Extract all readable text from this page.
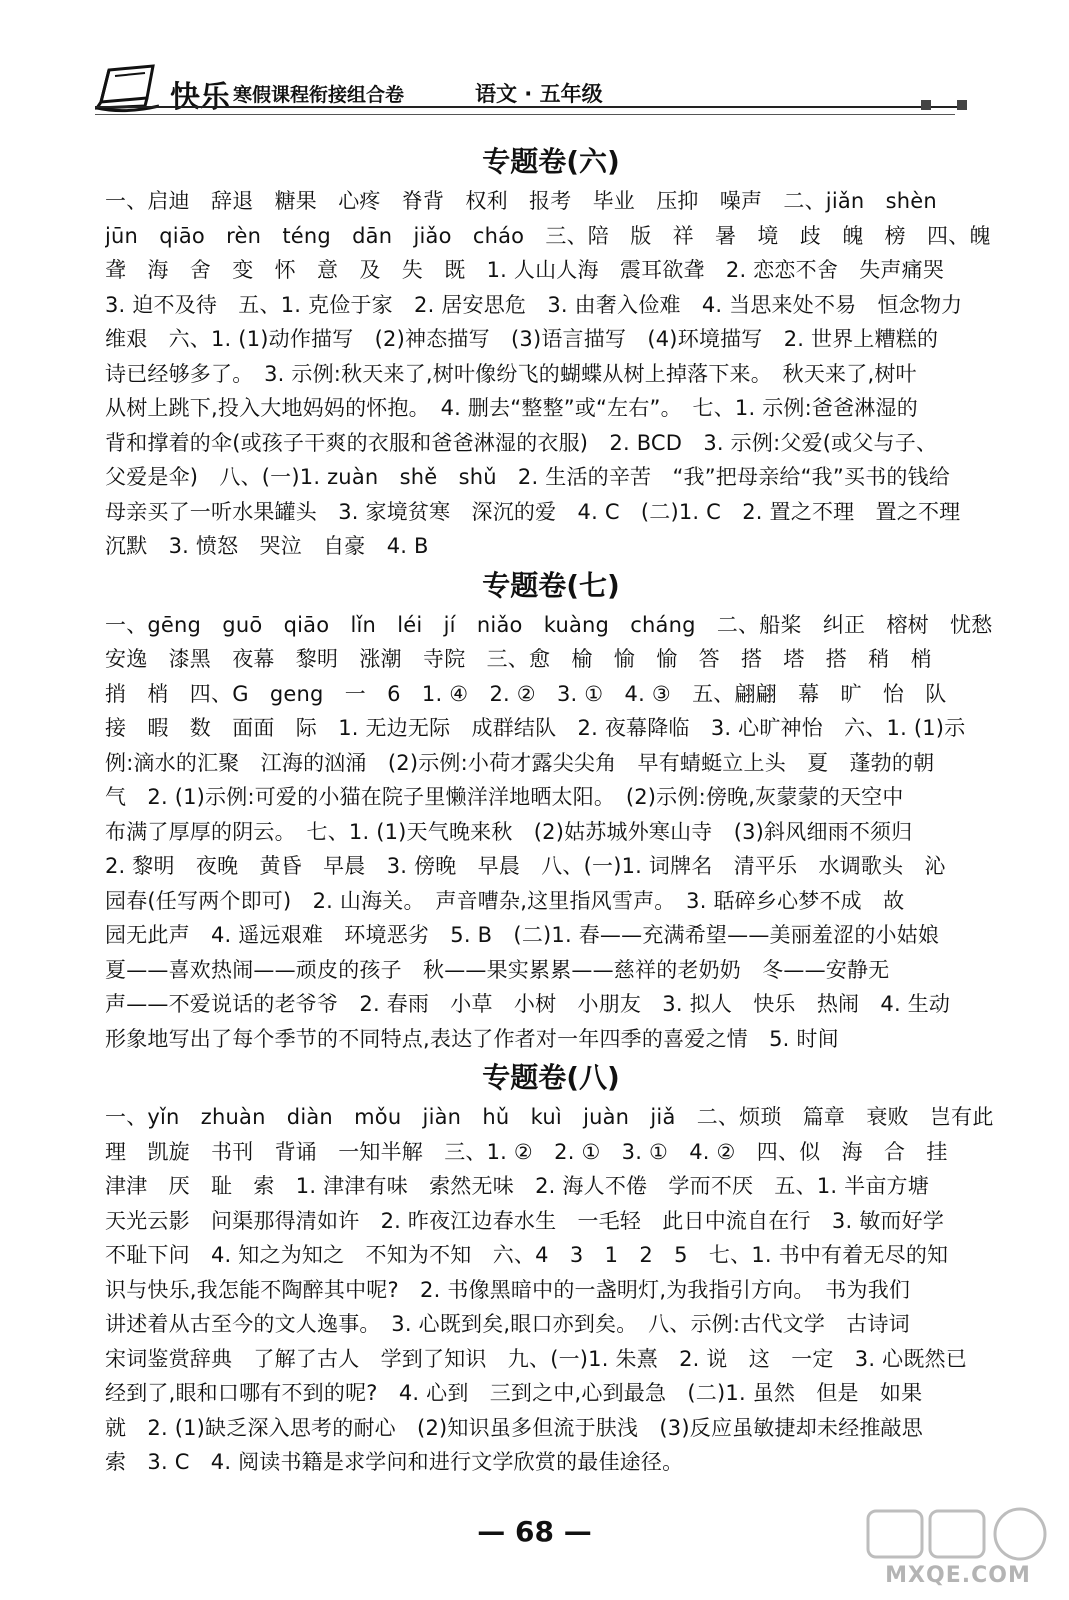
快乐 寒假课程衔接组合卷	语文 · 五年级
专题卷(六)
一、启迪　辞退　糖果　心疼　脊背　权利　报考　毕业　压抑　噪声　二、jiǎn　shèn
jūn　qiāo　rèn　téng　dān　jiǎo　cháo　三、陪　版　祥　暑　境　歧　魄　榜　四、魄
聋　海　舍　变　怀　意　及　失　既　1. 人山人海　震耳欲聋　2. 恋恋不舍　失声痛哭
3. 迫不及待　五、1. 克俭于家　2. 居安思危　3. 由奢入俭难　4. 当思来处不易　恒念物力
维艰　六、1. (1)动作描写　(2)神态描写　(3)语言描写　(4)环境描写　2. 世界上糟糕的
诗已经够多了。　3. 示例:秋天来了,树叶像纷飞的蝴蝶从树上掉落下来。　秋天来了,树叶
从树上跳下,投入大地妈妈的怀抱。　4. 删去“整整”或“左右”。　七、1. 示例:爸爸淋湿的
背和撑着的伞(或孩子干爽的衣服和爸爸淋湿的衣服)　2. BCD　3. 示例:父爱(或父与子、
父爱是伞)　八、(一)1. zuàn　shě　shǔ　2. 生活的辛苦　“我”把母亲给“我”买书的钱给
母亲买了一听水果罐头　3. 家境贫寒　深沉的爱　4. C　(二)1. C　2. 置之不理　置之不理
沉默　3. 愤怒　哭泣　自豪　4. B
专题卷(七)
一、gēng　guō　qiāo　lǐn　léi　jí　niǎo　kuàng　cháng　二、船桨　纠正　榕树　忧愁
安逸　漆黑　夜幕　黎明　涨潮　寺院　三、愈　榆　愉　愉　答　搭　塔　搭　稍　梢
捎　梢　四、G　geng　一　6　1. ④　2. ②　3. ①　4. ③　五、翩翩　幕　旷　怡　队
接　暇　数　面面　际　1. 无边无际　成群结队　2. 夜幕降临　3. 心旷神怡　六、1. (1)示
例:滴水的汇聚　江海的汹涌　(2)示例:小荷才露尖尖角　早有蜻蜓立上头　夏　蓬勃的朝
气　2. (1)示例:可爱的小猫在院子里懒洋洋地晒太阳。　(2)示例:傍晚,灰蒙蒙的天空中
布满了厚厚的阴云。　七、1. (1)天气晚来秋　(2)姑苏城外寒山寺　(3)斜风细雨不须归
2. 黎明　夜晚　黄昏　早晨　3. 傍晚　早晨　八、(一)1. 词牌名　清平乐　水调歌头　沁
园春(任写两个即可)　2. 山海关。　声音嘈杂,这里指风雪声。　3. 聒碎乡心梦不成　故
园无此声　4. 遥远艰难　环境恶劣　5. B　(二)1. 春——充满希望——美丽羞涩的小姑娘
夏——喜欢热闹——顽皮的孩子　秋——果实累累——慈祥的老奶奶　冬——安静无
声——不爱说话的老爷爷　2. 春雨　小草　小树　小朋友　3. 拟人　快乐　热闹　4. 生动
形象地写出了每个季节的不同特点,表达了作者对一年四季的喜爱之情　5. 时间
专题卷(八)
一、yǐn　zhuàn　diàn　mǒu　jiàn　hǔ　kuì　juàn　jiǎ　二、烦琐　篇章　衰败　岂有此
理　凯旋　书刊　背诵　一知半解　三、1. ②　2. ①　3. ①　4. ②　四、似　海　合　挂
津津　厌　耻　索　1. 津津有味　索然无味　2. 海人不倦　学而不厌　五、1. 半亩方塘
天光云影　问渠那得清如许　2. 昨夜江边春水生　一毛轻　此日中流自在行　3. 敏而好学
不耻下问　4. 知之为知之　不知为不知　六、4　3　1　2　5　七、1. 书中有着无尽的知
识与快乐,我怎能不陶醉其中呢?　2. 书像黑暗中的一盏明灯,为我指引方向。　书为我们
讲述着从古至今的文人逸事。　3. 心既到矣,眼口亦到矣。　八、示例:古代文学　古诗词
宋词鉴赏辞典　了解了古人　学到了知识　九、(一)1. 朱熹　2. 说　这　一定　3. 心既然已
经到了,眼和口哪有不到的呢?　4. 心到　三到之中,心到最急　(二)1. 虽然　但是　如果
就　2. (1)缺乏深入思考的耐心　(2)知识虽多但流于肤浅　(3)反应虽敏捷却未经推敲思
索　3. C　4. 阅读书籍是求学问和进行文学欣赏的最佳途径。
— 68 —
MXQE.COM
